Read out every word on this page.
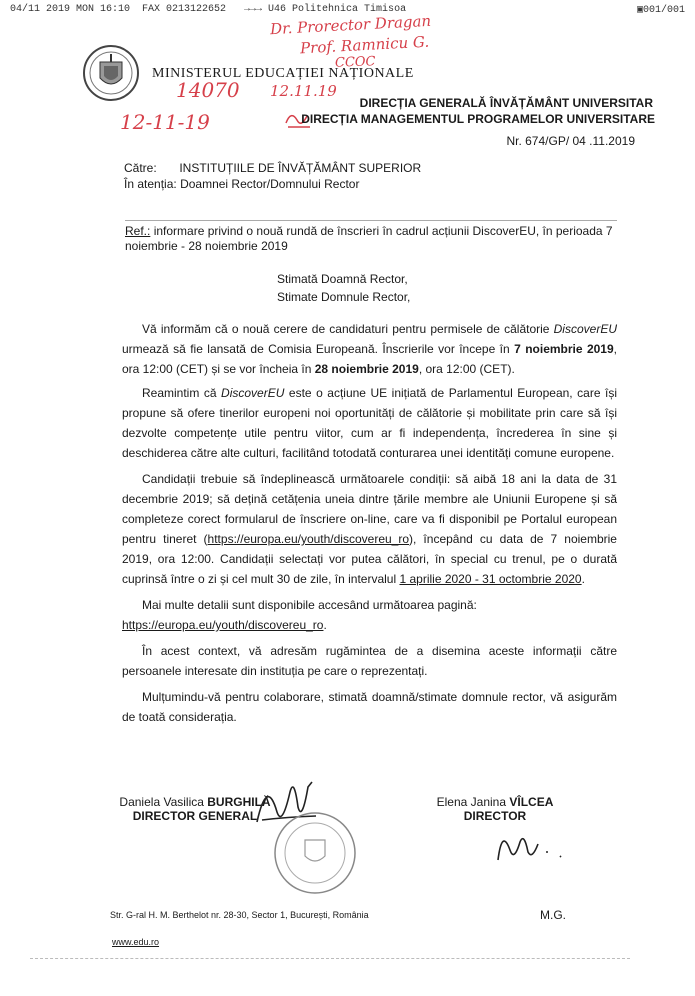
04/11 2019 MON 16:10  FAX 0213122652   →→→ U46 Politehnica Timisoa	▣001/001
MINISTERUL EDUCAȚIEI NAȚIONALE
Dr. Prorector Dragan
Prof. Ramnicu G.
CCOC
14070 12.11.19
12-11-19
DIRECȚIA GENERALĂ ÎNVĂȚĂMÂNT UNIVERSITAR
DIRECȚIA MANAGEMENTUL PROGRAMELOR UNIVERSITARE
Nr. 674/GP/ 04 .11.2019
Către: INSTITUȚIILE DE ÎNVĂȚĂMÂNT SUPERIOR
În atenția: Doamnei Rector/Domnului Rector
Ref.: informare privind o nouă rundă de înscrieri în cadrul acțiunii DiscoverEU, în perioada 7 noiembrie - 28 noiembrie 2019
Stimată Doamnă Rector,
Stimate Domnule Rector,

Vă informăm că o nouă cerere de candidaturi pentru permisele de călătorie DiscoverEU urmează să fie lansată de Comisia Europeană. Înscrierile vor începe în 7 noiembrie 2019, ora 12:00 (CET) și se vor încheia în 28 noiembrie 2019, ora 12:00 (CET).

Reamintim că DiscoverEU este o acțiune UE inițiată de Parlamentul European, care își propune să ofere tinerilor europeni noi oportunități de călătorie și mobilitate prin care să își dezvolte competențe utile pentru viitor, cum ar fi independența, încrederea în sine și deschiderea către alte culturi, facilitând totodată conturarea unei identități comune europene.

Candidații trebuie să îndeplinească următoarele condiții: să aibă 18 ani la data de 31 decembrie 2019; să dețină cetățenia uneia dintre țările membre ale Uniunii Europene și să completeze corect formularul de înscriere on-line, care va fi disponibil pe Portalul european pentru tineret (https://europa.eu/youth/discovereu_ro), începând cu data de 7 noiembrie 2019, ora 12:00. Candidații selectați vor putea călători, în special cu trenul, pe o durată cuprinsă între o zi și cel mult 30 de zile, în intervalul 1 aprilie 2020 - 31 octombrie 2020.

Mai multe detalii sunt disponibile accesând următoarea pagină:

https://europa.eu/youth/discovereu_ro.

În acest context, vă adresăm rugămintea de a disemina aceste informații către persoanele interesate din instituția pe care o reprezentați.

Mulțumindu-vă pentru colaborare, stimată doamnă/stimate domnule rector, vă asigurăm de toată considerația.

Daniela Vasilica BURGHILĂ
DIRECTOR GENERAL
Elena Janina VÎLCEA
DIRECTOR
Str. G-ral H. M. Berthelot nr. 28-30, Sector 1, București, România	M.G.
www.edu.ro
